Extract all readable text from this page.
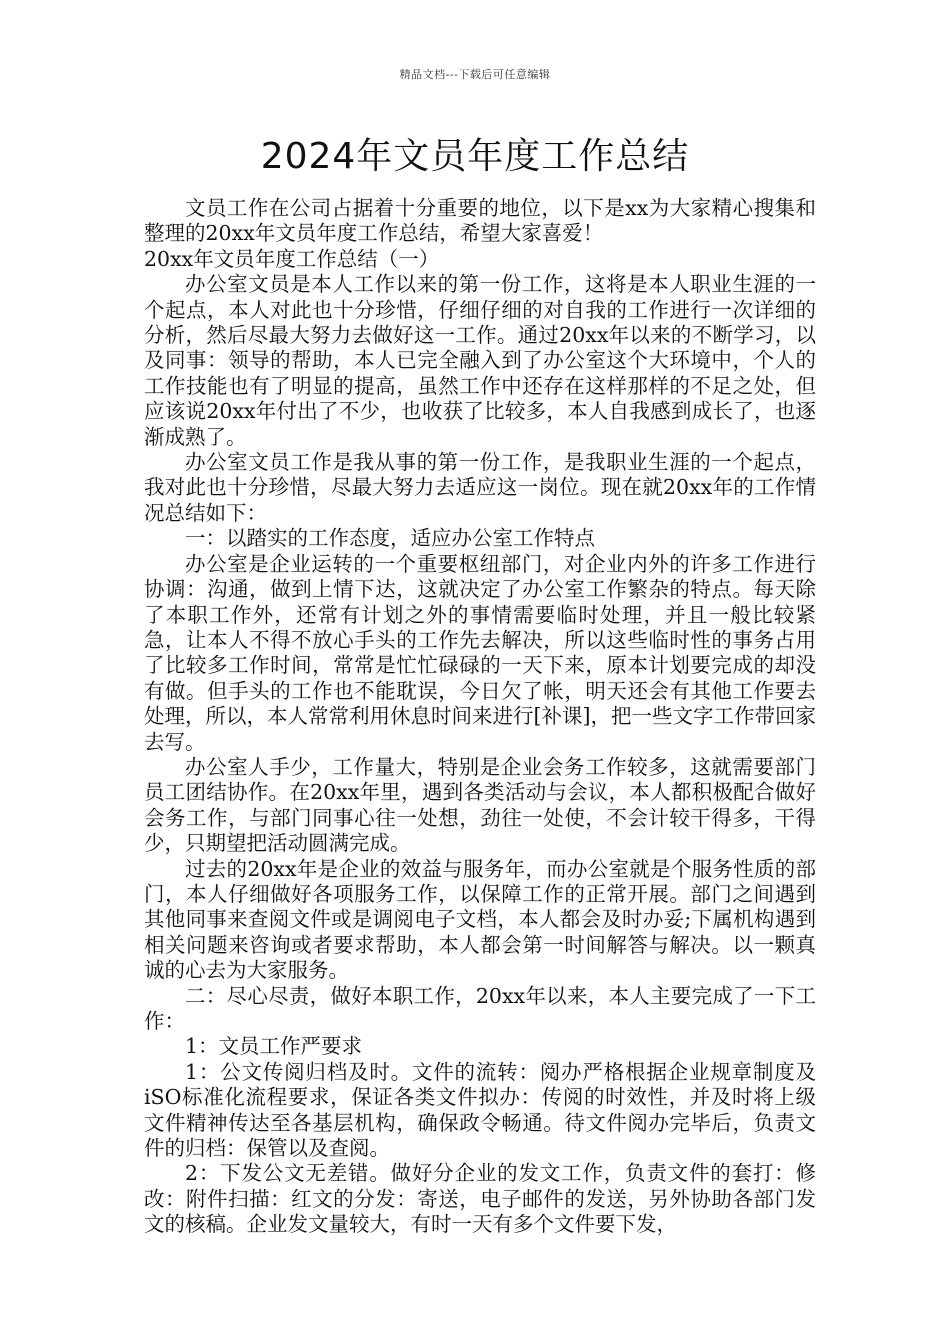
精品文档---下载后可任意编辑
2024年文员年度工作总结

文员工作在公司占据着十分重要的地位，以下是xx为大家精心搜集和整理的20xx年文员年度工作总结，希望大家喜爱！

20xx年文员年度工作总结（一）

办公室文员是本人工作以来的第一份工作，这将是本人职业生涯的一个起点，本人对此也十分珍惜，仔细仔细的对自我的工作进行一次详细的分析，然后尽最大努力去做好这一工作。通过20xx年以来的不断学习，以及同事：领导的帮助，本人已完全融入到了办公室这个大环境中，个人的工作技能也有了明显的提高，虽然工作中还存在这样那样的不足之处，但应该说20xx年付出了不少，也收获了比较多，本人自我感到成长了，也逐渐成熟了。

办公室文员工作是我从事的第一份工作，是我职业生涯的一个起点，我对此也十分珍惜，尽最大努力去适应这一岗位。现在就20xx年的工作情况总结如下：

一：以踏实的工作态度，适应办公室工作特点

办公室是企业运转的一个重要枢纽部门，对企业内外的许多工作进行协调：沟通，做到上情下达，这就决定了办公室工作繁杂的特点。每天除了本职工作外，还常有计划之外的事情需要临时处理，并且一般比较紧急，让本人不得不放心手头的工作先去解决，所以这些临时性的事务占用了比较多工作时间，常常是忙忙碌碌的一天下来，原本计划要完成的却没有做。但手头的工作也不能耽误，今日欠了帐，明天还会有其他工作要去处理，所以，本人常常利用休息时间来进行[补课]，把一些文字工作带回家去写。

办公室人手少，工作量大，特别是企业会务工作较多，这就需要部门员工团结协作。在20xx年里，遇到各类活动与会议，本人都积极配合做好会务工作，与部门同事心往一处想，劲往一处使，不会计较干得多，干得少，只期望把活动圆满完成。

过去的20xx年是企业的效益与服务年，而办公室就是个服务性质的部门，本人仔细做好各项服务工作，以保障工作的正常开展。部门之间遇到其他同事来查阅文件或是调阅电子文档，本人都会及时办妥;下属机构遇到相关问题来咨询或者要求帮助，本人都会第一时间解答与解决。以一颗真诚的心去为大家服务。

二：尽心尽责，做好本职工作，20xx年以来，本人主要完成了一下工作：

1：文员工作严要求

1：公文传阅归档及时。文件的流转：阅办严格根据企业规章制度及iSO标准化流程要求，保证各类文件拟办：传阅的时效性，并及时将上级文件精神传达至各基层机构，确保政令畅通。待文件阅办完毕后，负责文件的归档：保管以及查阅。

2：下发公文无差错。做好分企业的发文工作，负责文件的套打：修改：附件扫描：红文的分发：寄送，电子邮件的发送，另外协助各部门发文的核稿。企业发文量较大，有时一天有多个文件要下发，
